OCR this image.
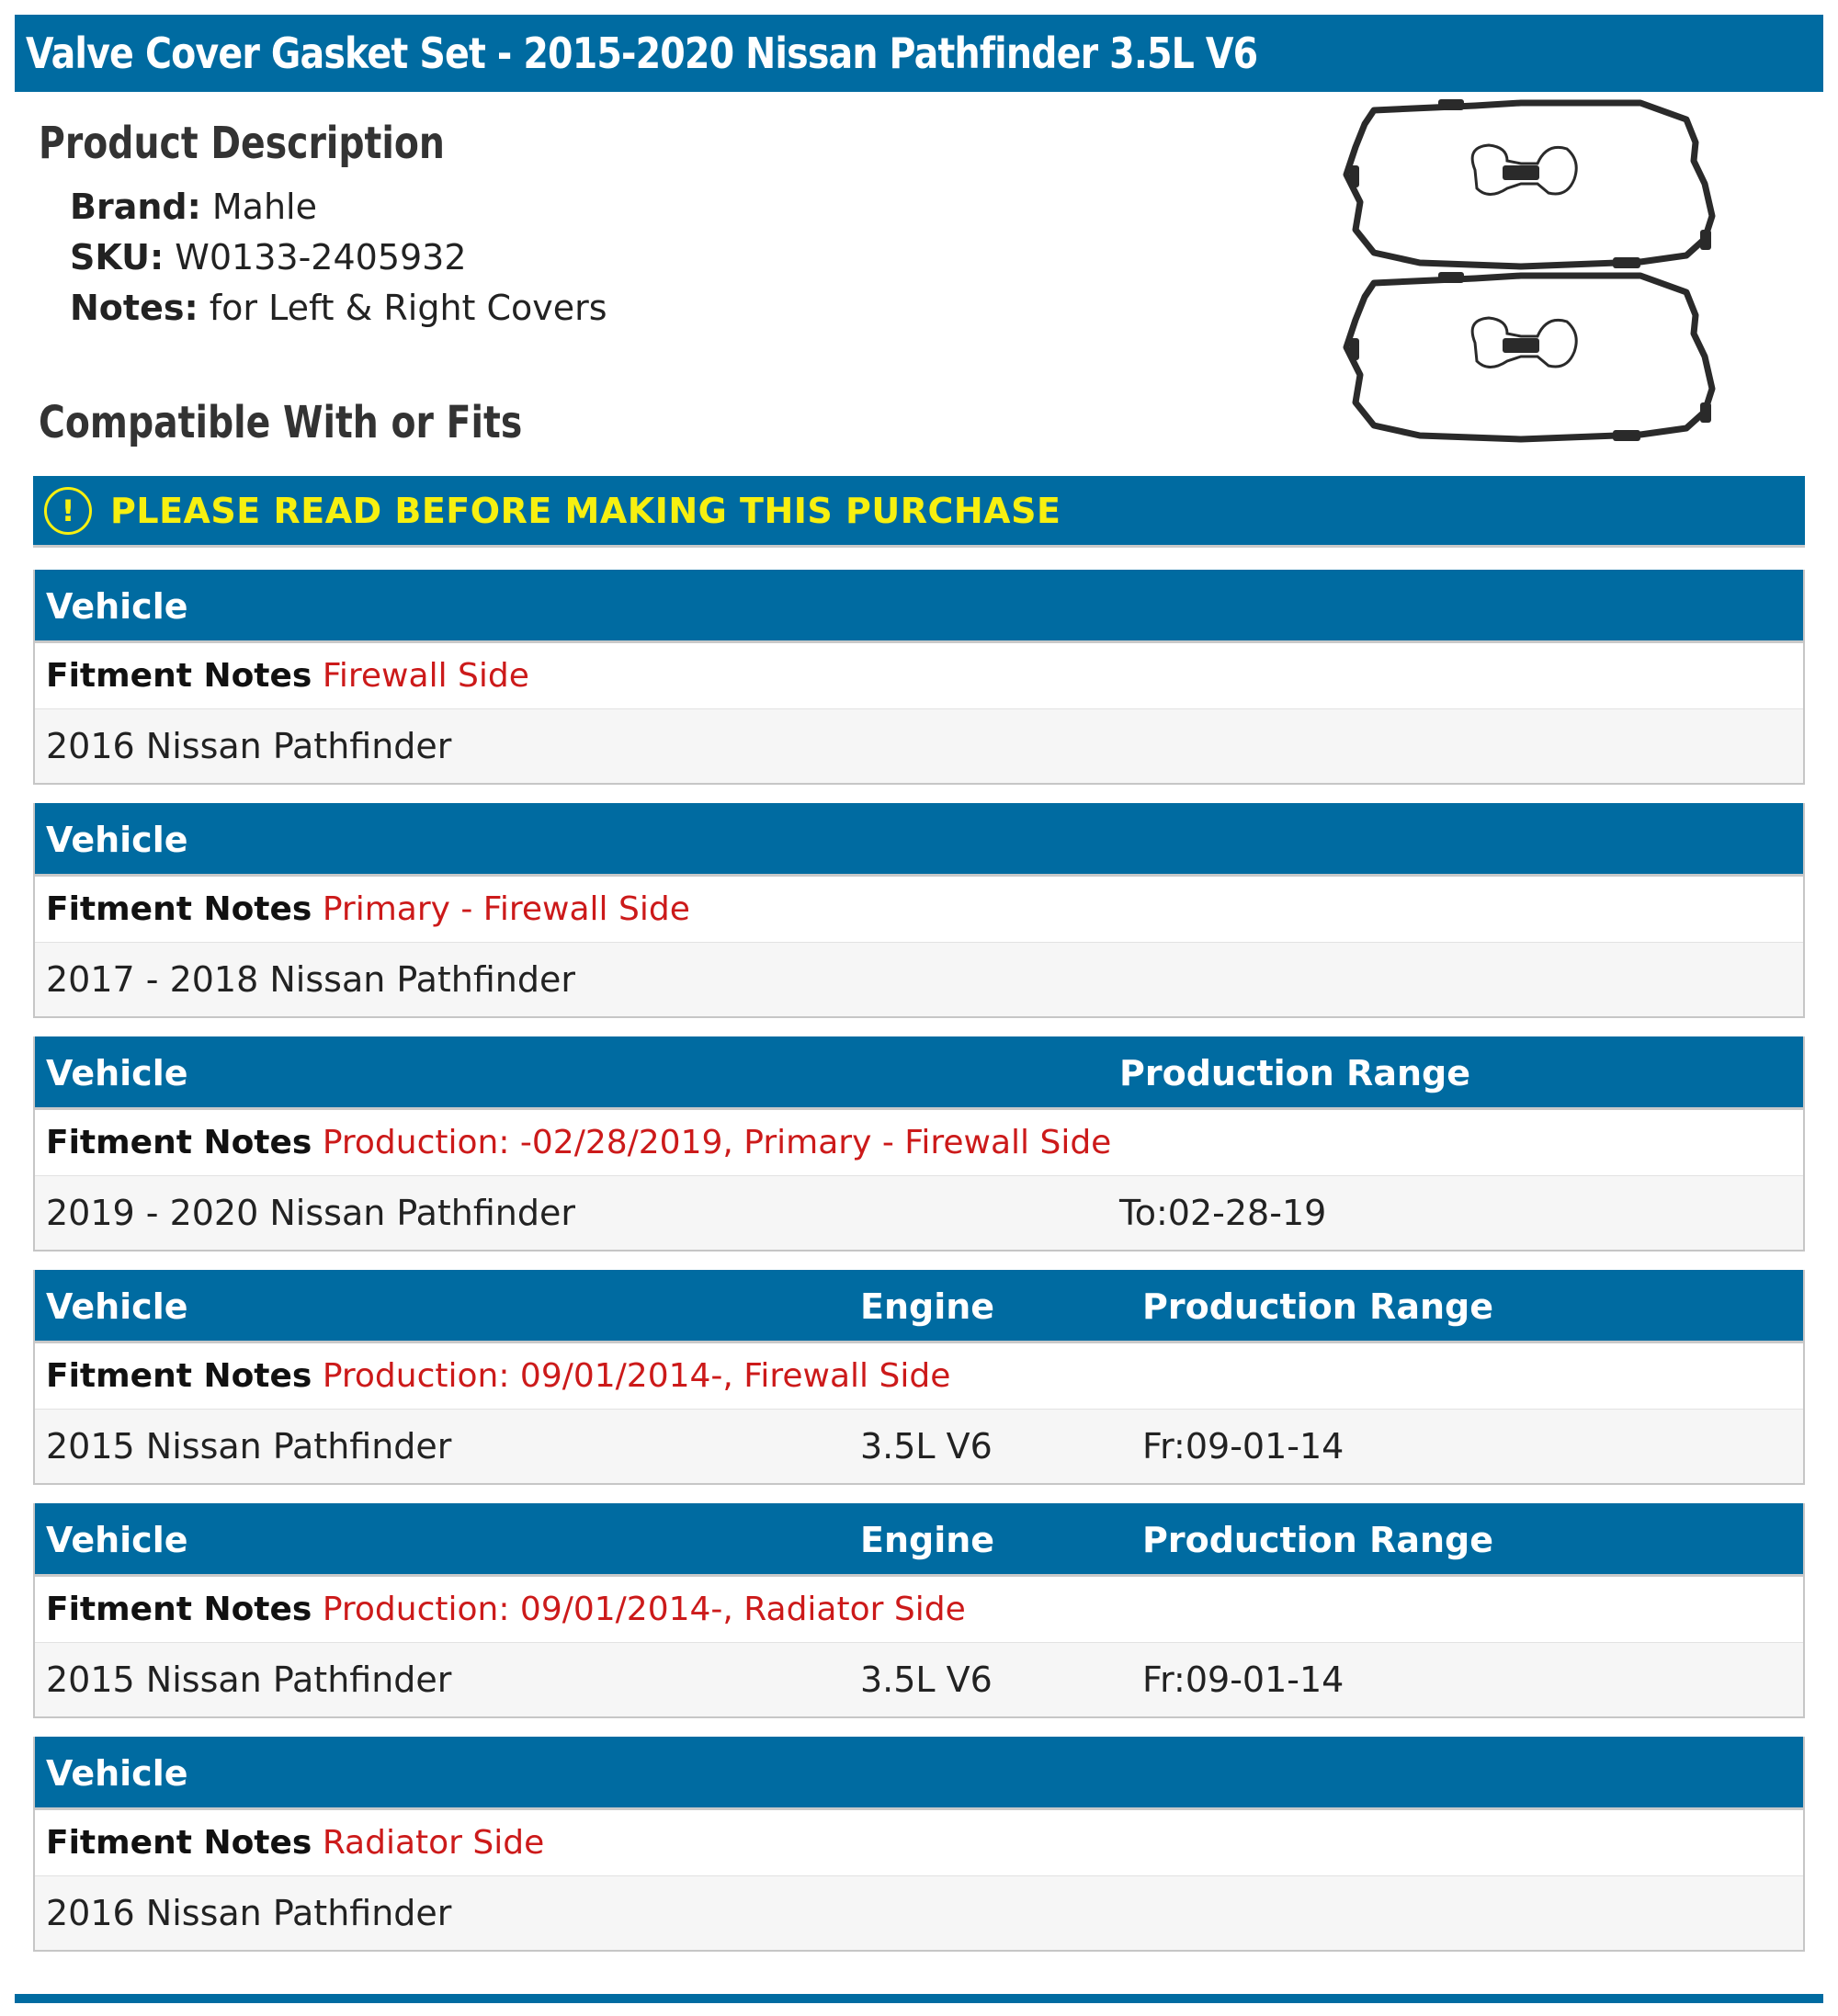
Valve Cover Gasket Set - 2015-2020 Nissan Pathfinder 3.5L V6
Product Description
Brand: Mahle
SKU: W0133-2405932
Notes: for Left & Right Covers
Compatible With or Fits
!	PLEASE READ BEFORE MAKING THIS PURCHASE
Vehicle
Fitment Notes Firewall Side
2016 Nissan Pathfinder
Vehicle
Fitment Notes Primary - Firewall Side
2017 - 2018 Nissan Pathfinder
Vehicle	Production Range
Fitment Notes Production: -02/28/2019, Primary - Firewall Side
2019 - 2020 Nissan Pathfinder	To:02-28-19
Vehicle	Engine	Production Range
Fitment Notes Production: 09/01/2014-, Firewall Side
2015 Nissan Pathfinder	3.5L V6	Fr:09-01-14
Vehicle	Engine	Production Range
Fitment Notes Production: 09/01/2014-, Radiator Side
2015 Nissan Pathfinder	3.5L V6	Fr:09-01-14
Vehicle
Fitment Notes Radiator Side
2016 Nissan Pathfinder
